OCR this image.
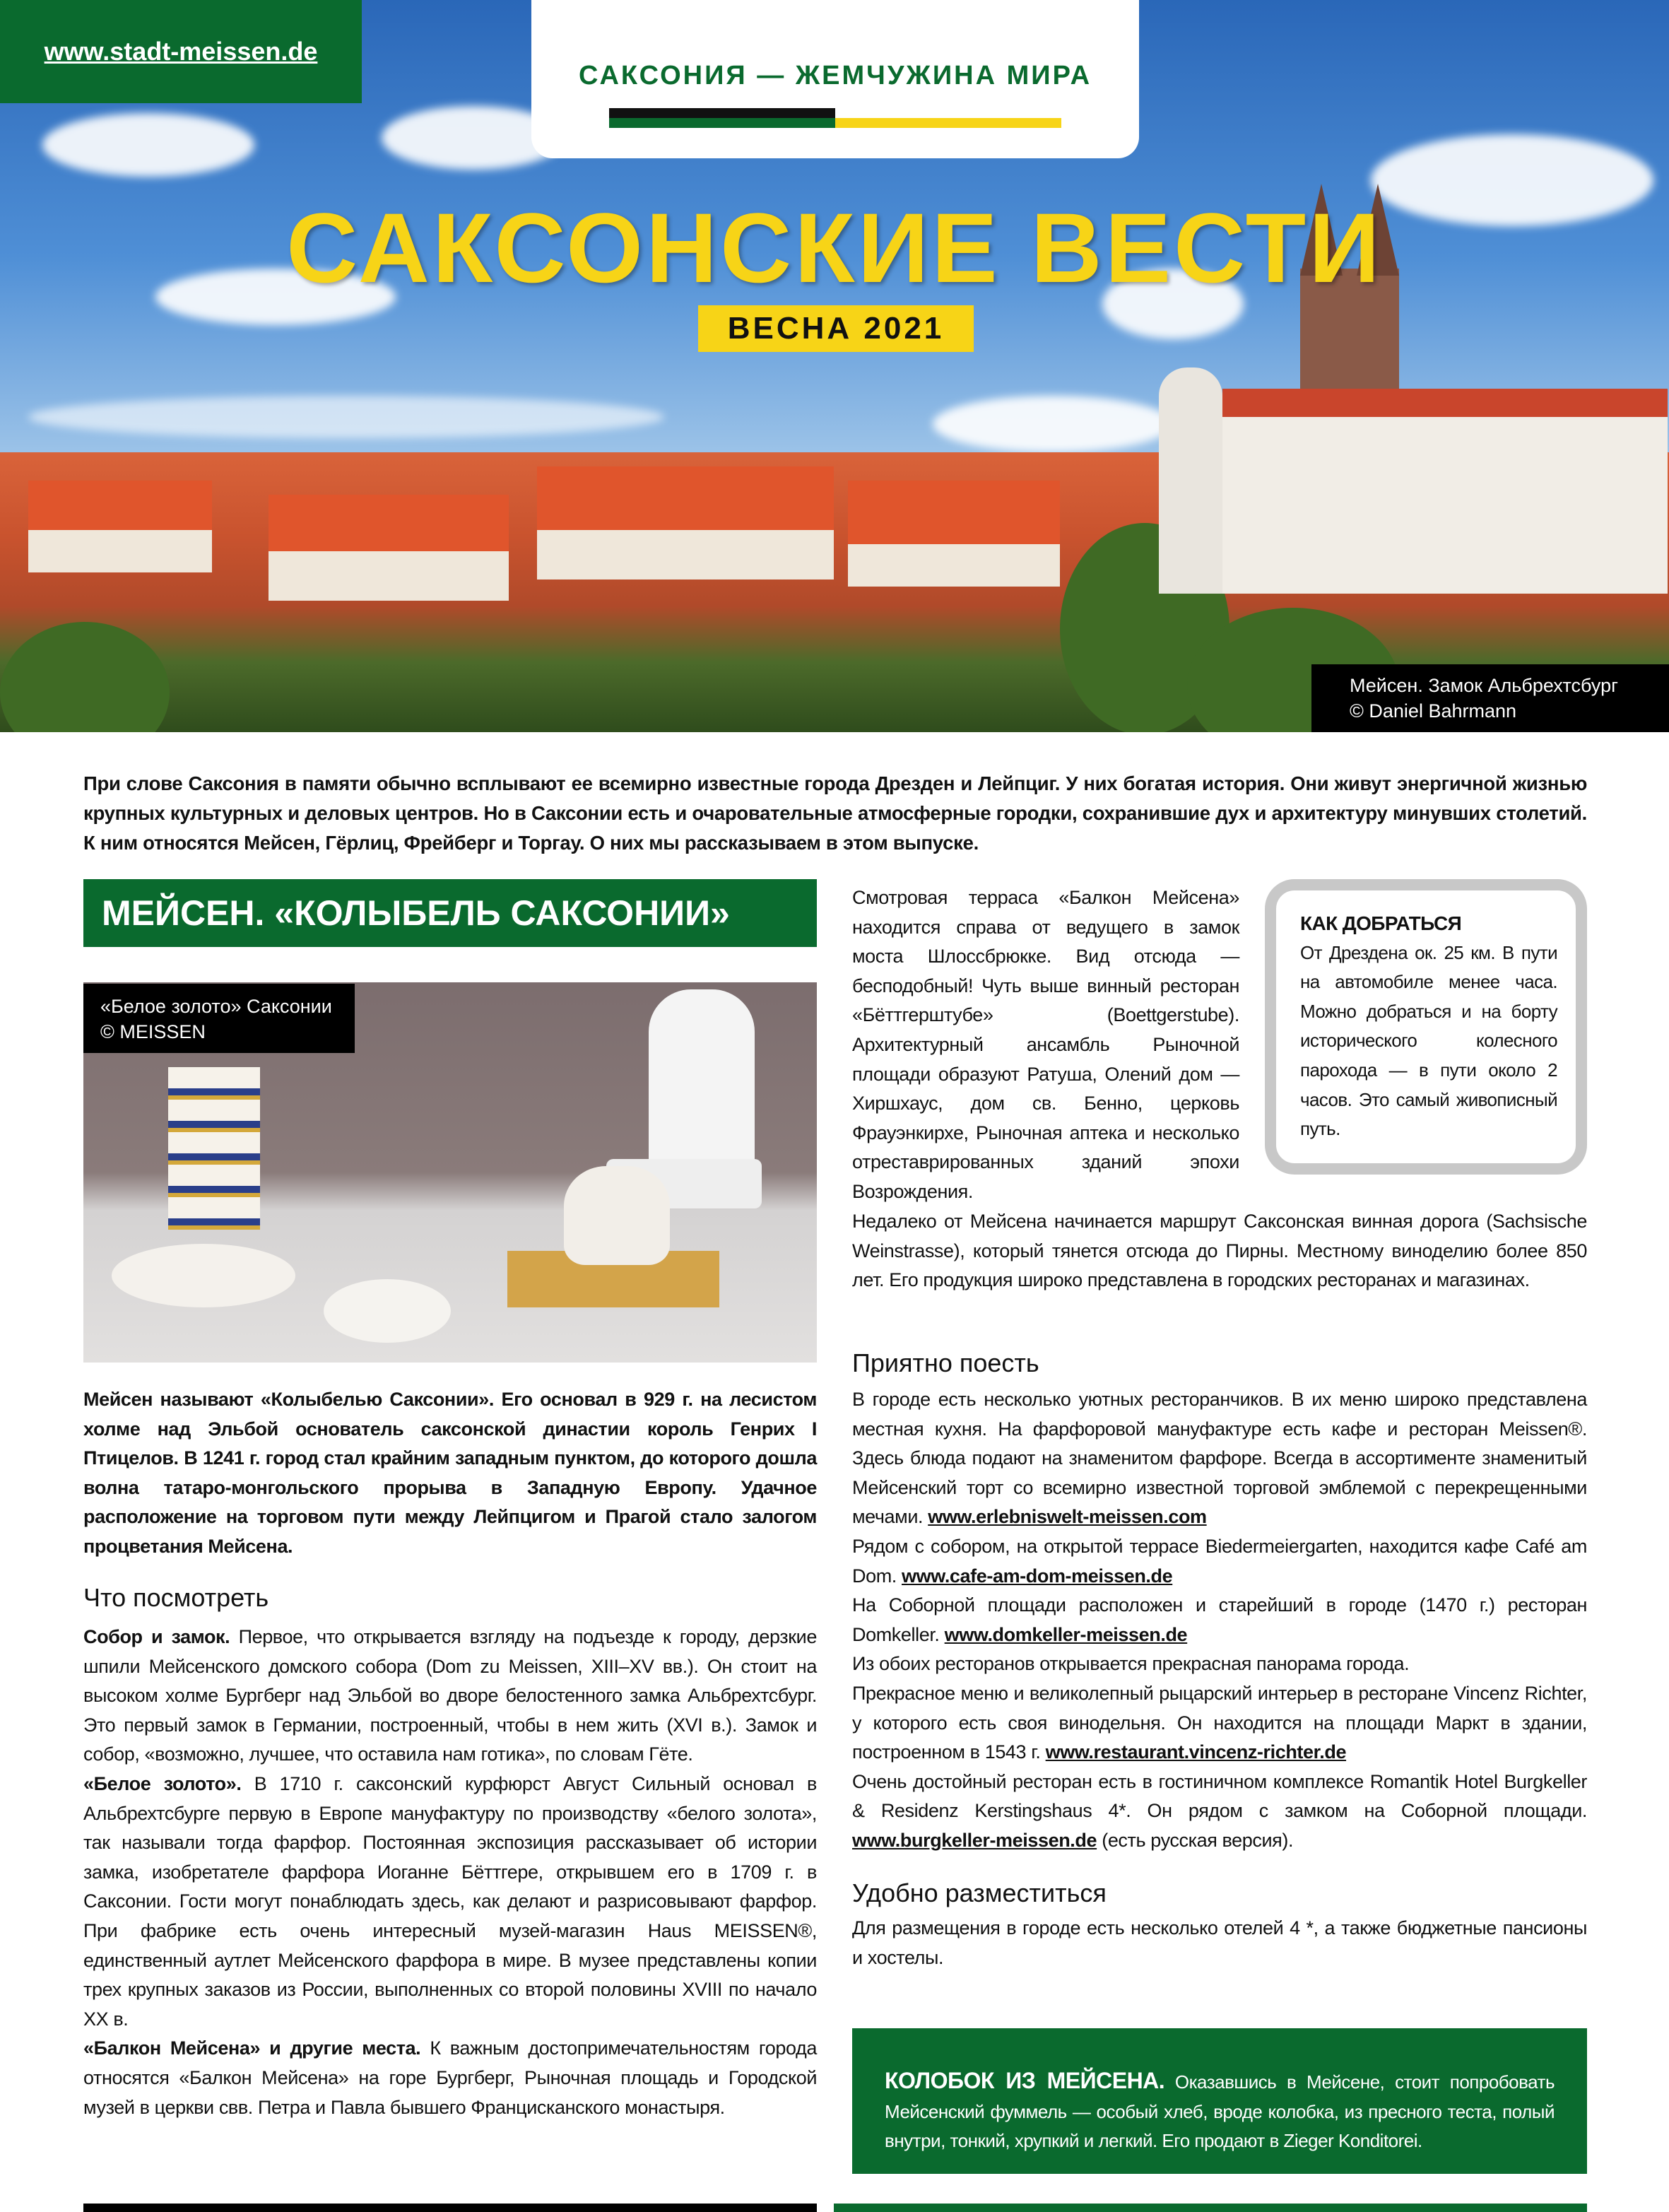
www.stadt-meissen.de
САКСОНИЯ — ЖЕМЧУЖИНА МИРА
САКСОНСКИЕ ВЕСТИ
ВЕСНА 2021
Мейсен. Замок Альбрехтсбург
© Daniel Bahrmann
При слове Саксония в памяти обычно всплывают ее всемирно известные города Дрезден и Лейпциг. У них богатая история. Они живут энергичной жизнью крупных культурных и деловых центров. Но в Саксонии есть и очаровательные атмосферные городки, сохранившие дух и архитектуру минувших столетий. К ним относятся Мейсен, Гёрлиц, Фрейберг и Торгау. О них мы рассказываем в этом выпуске.
МЕЙСЕН. «КОЛЫБЕЛЬ САКСОНИИ»
«Белое золото» Саксонии
© MEISSEN
Мейсен называют «Колыбелью Саксонии». Его основал в 929 г. на лесистом холме над Эльбой основатель саксонской династии король Генрих I Птицелов. В 1241 г. город стал крайним западным пунктом, до которого дошла волна татаро-монгольского прорыва в Западную Европу. Удачное расположение на торговом пути между Лейпцигом и Прагой стало залогом процветания Мейсена.
Что посмотреть
Собор и замок. Первое, что открывается взгляду на подъезде к городу, дерзкие шпили Мейсенского домского собора (Dom zu Meissen, XIII–XV вв.). Он стоит на высоком холме Бургберг над Эльбой во дворе белостенного замка Альбрехтсбург. Это первый замок в Германии, построенный, чтобы в нем жить (XVI в.). Замок и собор, «возможно, лучшее, что оставила нам готика», по словам Гёте.
«Белое золото». В 1710 г. саксонский курфюрст Август Сильный основал в Альбрехтсбурге первую в Европе мануфактуру по производству «белого золота», так называли тогда фарфор. Постоянная экспозиция рассказывает об истории замка, изобретателе фарфора Иоганне Бёттгере, открывшем его в 1709 г. в Саксонии. Гости могут понаблюдать здесь, как делают и разрисовывают фарфор. При фабрике есть очень интересный музей-магазин Haus MEISSEN®, единственный аутлет Мейсенского фарфора в мире. В музее представлены копии трех крупных заказов из России, выполненных со второй половины XVIII по начало XX в.
«Балкон Мейсена» и другие места. К важным достопримечательностям города относятся «Балкон Мейсена» на горе Бургберг, Рыночная площадь и Городской музей в церкви свв. Петра и Павла бывшего Францисканского монастыря.
Смотровая терраса «Балкон Мейсена» находится справа от ведущего в замок моста Шлоссбрюкке. Вид отсюда — бесподобный! Чуть выше винный ресторан «Бёттгерштубе» (Boettgerstube). Архитектурный ансамбль Рыночной площади образуют Ратуша, Олений дом — Хиршхаус, дом св. Бенно, церковь Фрауэнкирхе, Рыночная аптека и несколько отреставрированных зданий эпохи Возрождения.
КАК ДОБРАТЬСЯ
От Дрездена ок. 25 км. В пути на автомобиле менее часа. Можно добраться и на борту исторического колесного парохода — в пути около 2 часов. Это самый живописный путь.
Недалеко от Мейсена начинается маршрут Саксонская винная дорога (Sachsische Weinstrasse), который тянется отсюда до Пирны. Местному виноделию более 850 лет. Его продукция широко представлена в городских ресторанах и магазинах.
Приятно поесть
В городе есть несколько уютных ресторанчиков. В их меню широко представлена местная кухня. На фарфоровой мануфактуре есть кафе и ресторан Meissen®. Здесь блюда подают на знаменитом фарфоре. Всегда в ассортименте знаменитый Мейсенский торт со всемирно известной торговой эмблемой с перекрещенными мечами. www.erlebniswelt-meissen.com
Рядом с собором, на открытой террасе Biedermeiergarten, находится кафе Café am Dom. www.cafe-am-dom-meissen.de
На Соборной площади расположен и старейший в городе (1470 г.) ресторан Domkeller. www.domkeller-meissen.de
Из обоих ресторанов открывается прекрасная панорама города.
Прекрасное меню и великолепный рыцарский интерьер в ресторане Vincenz Richter, у которого есть своя винодельня. Он находится на площади Маркт в здании, построенном в 1543 г. www.restaurant.vincenz-richter.de
Очень достойный ресторан есть в гостиничном комплексе Romantik Hotel Burgkeller & Residenz Kerstingshaus 4*. Он рядом с замком на Соборной площади. www.burgkeller-meissen.de (есть русская версия).
Удобно разместиться
Для размещения в городе есть несколько отелей 4 *, а также бюджетные пансионы и хостелы.
КОЛОБОК ИЗ МЕЙСЕНА. Оказавшись в Мейсене, стоит попробовать Мейсенский фуммель — особый хлеб, вроде колобка, из пресного теста, полый внутри, тонкий, хрупкий и легкий. Его продают в Zieger Konditorei.
